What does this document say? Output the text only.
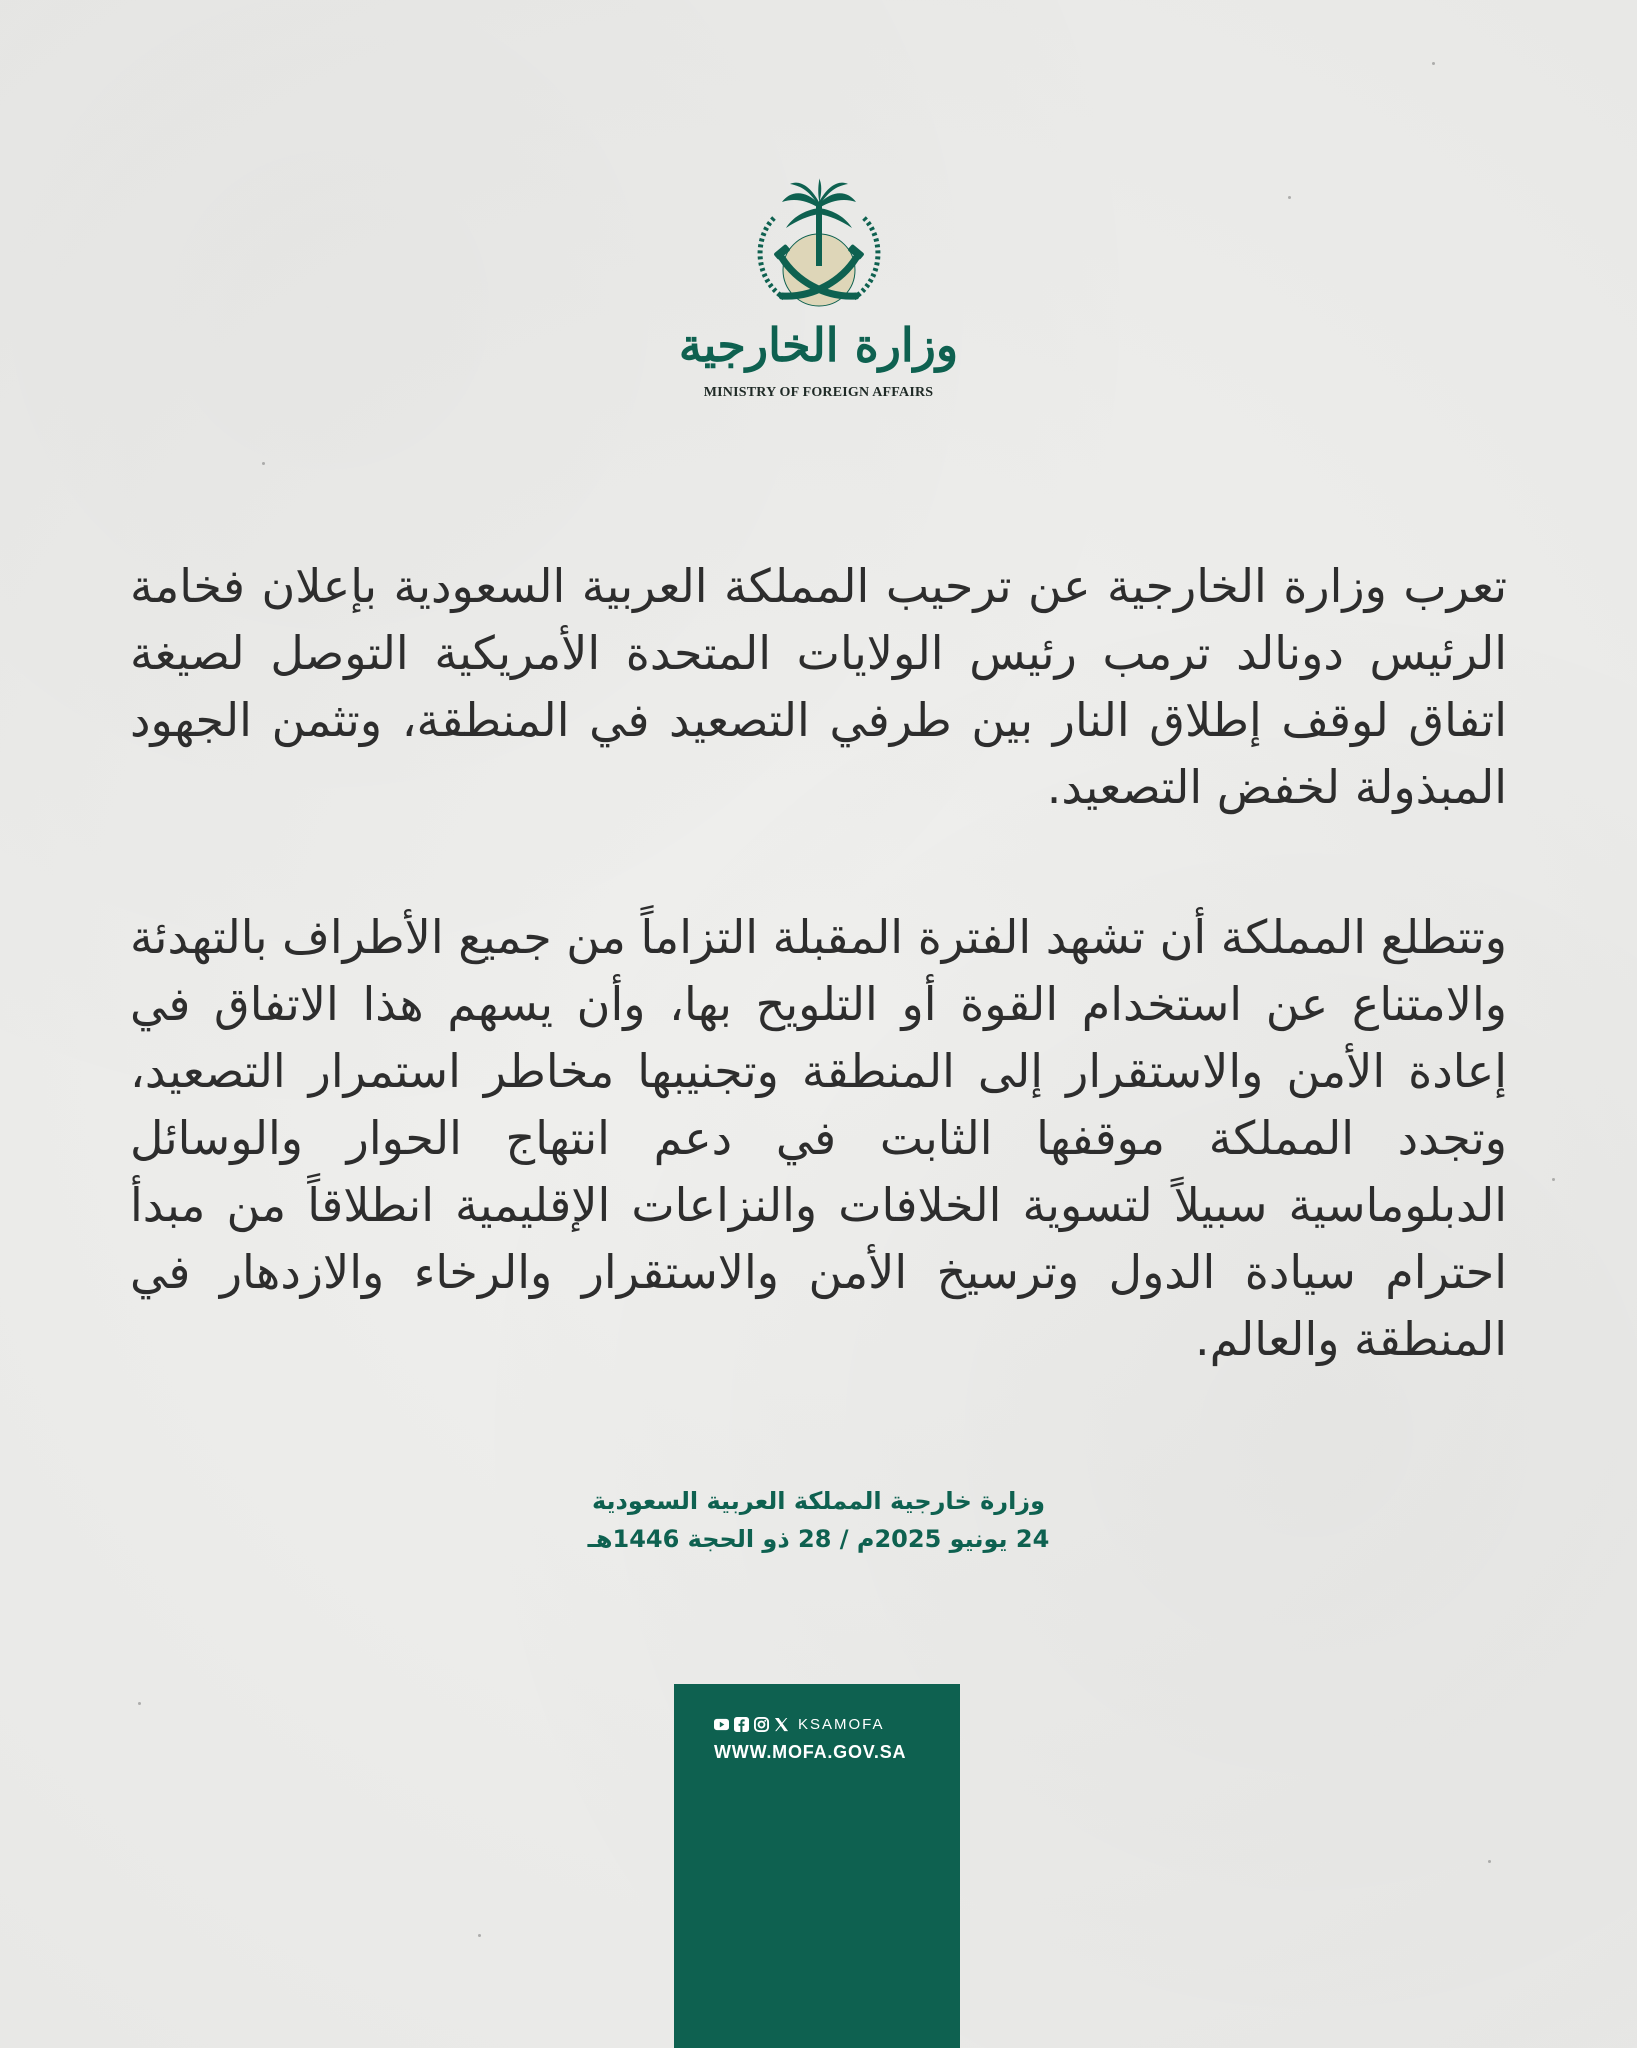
وزارة الخارجية
MINISTRY OF FOREIGN AFFAIRS

تعرب وزارة الخارجية عن ترحيب المملكة العربية السعودية بإعلان فخامة الرئيس دونالد ترمب رئيس الولايات المتحدة الأمريكية التوصل لصيغة اتفاق لوقف إطلاق النار بين طرفي التصعيد في المنطقة، وتثمن الجهود المبذولة لخفض التصعيد.

وتتطلع المملكة أن تشهد الفترة المقبلة التزاماً من جميع الأطراف بالتهدئة والامتناع عن استخدام القوة أو التلويح بها، وأن يسهم هذا الاتفاق في إعادة الأمن والاستقرار إلى المنطقة وتجنيبها مخاطر استمرار التصعيد، وتجدد المملكة موقفها الثابت في دعم انتهاج الحوار والوسائل الدبلوماسية سبيلاً لتسوية الخلافات والنزاعات الإقليمية انطلاقاً من مبدأ احترام سيادة الدول وترسيخ الأمن والاستقرار والرخاء والازدهار في المنطقة والعالم.

وزارة خارجية المملكة العربية السعودية
24 يونيو 2025م / 28 ذو الحجة 1446هـ
KSAMOFA
WWW.MOFA.GOV.SA
